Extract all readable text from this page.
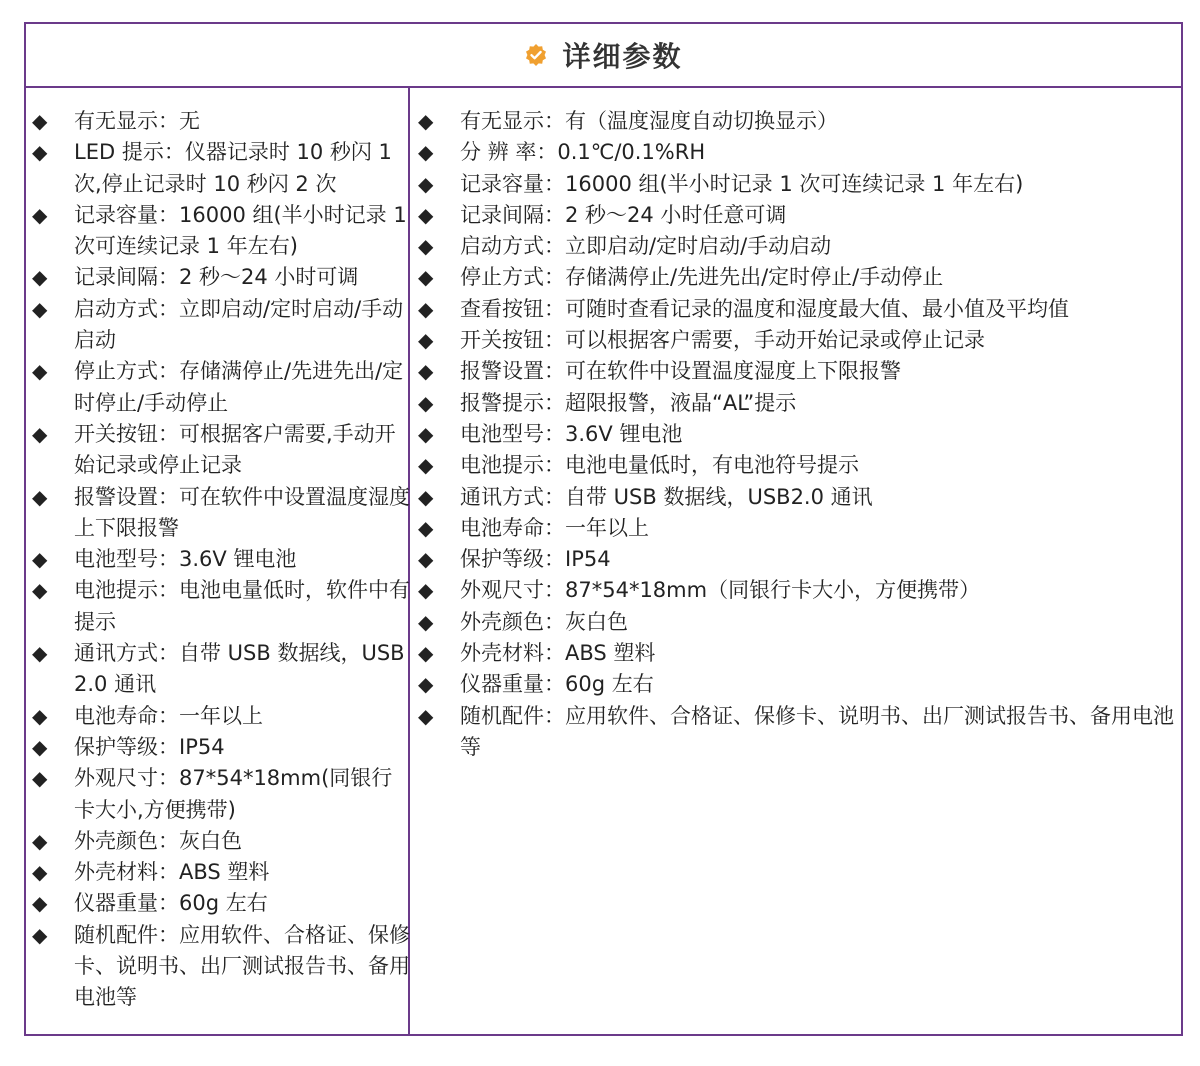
详细参数
◆	有无显示：无
◆	LED 提示：仪器记录时 10 秒闪 1 次,停止记录时 10 秒闪 2 次
◆	记录容量：16000 组(半小时记录 1 次可连续记录 1 年左右)
◆	记录间隔：2 秒～24 小时可调
◆	启动方式：立即启动/定时启动/手动启动
◆	停止方式：存储满停止/先进先出/定时停止/手动停止
◆	开关按钮：可根据客户需要,手动开始记录或停止记录
◆	报警设置：可在软件中设置温度湿度上下限报警
◆	电池型号：3.6V 锂电池
◆	电池提示：电池电量低时，软件中有提示
◆	通讯方式：自带 USB 数据线，USB2.0 通讯
◆	电池寿命：一年以上
◆	保护等级：IP54
◆	外观尺寸：87*54*18mm(同银行卡大小,方便携带)
◆	外壳颜色：灰白色
◆	外壳材料：ABS 塑料
◆	仪器重量：60g 左右
◆	随机配件：应用软件、合格证、保修卡、说明书、出厂测试报告书、备用电池等
◆	有无显示：有（温度湿度自动切换显示）
◆	分 辨 率：0.1℃/0.1%RH
◆	记录容量：16000 组(半小时记录 1 次可连续记录 1 年左右)
◆	记录间隔：2 秒～24 小时任意可调
◆	启动方式：立即启动/定时启动/手动启动
◆	停止方式：存储满停止/先进先出/定时停止/手动停止
◆	查看按钮：可随时查看记录的温度和湿度最大值、最小值及平均值
◆	开关按钮：可以根据客户需要，手动开始记录或停止记录
◆	报警设置：可在软件中设置温度湿度上下限报警
◆	报警提示：超限报警，液晶“AL”提示
◆	电池型号：3.6V 锂电池
◆	电池提示：电池电量低时，有电池符号提示
◆	通讯方式：自带 USB 数据线，USB2.0 通讯
◆	电池寿命：一年以上
◆	保护等级：IP54
◆	外观尺寸：87*54*18mm（同银行卡大小，方便携带）
◆	外壳颜色：灰白色
◆	外壳材料：ABS 塑料
◆	仪器重量：60g 左右
◆	随机配件：应用软件、合格证、保修卡、说明书、出厂测试报告书、备用电池等
